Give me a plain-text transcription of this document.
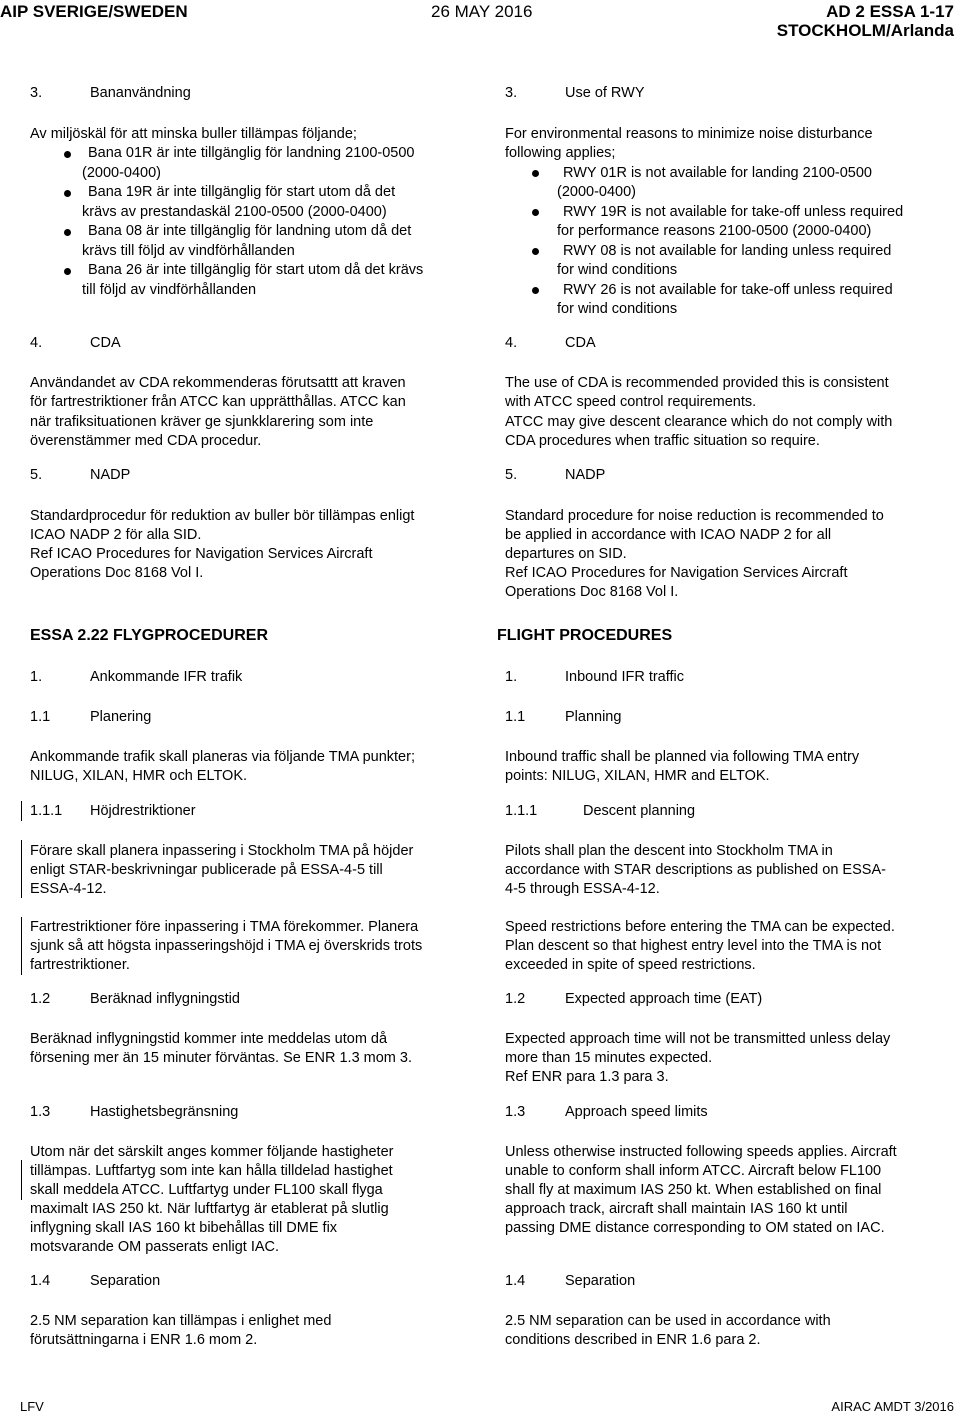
AIP SVERIGE/SWEDEN	26 MAY 2016	AD 2 ESSA 1-17
STOCKHOLM/Arlanda
3.	Bananvändning
Av miljöskäl för att minska buller tillämpas följande;
Bana 01R är inte tillgänglig för landning 2100-0500
(2000-0400)
Bana 19R är inte tillgänglig för start utom då det
krävs av prestandaskäl 2100-0500 (2000-0400)
Bana 08 är inte tillgänglig för landning utom då det
krävs till följd av vindförhållanden
Bana 26 är inte tillgänglig för start utom då det krävs
till följd av vindförhållanden
4.	CDA
Användandet av CDA rekommenderas förutsattt att kraven
för fartrestriktioner från ATCC kan upprätthållas. ATCC kan
när trafiksituationen kräver ge sjunkklarering som inte
överenstämmer med CDA procedur.
5.	NADP
Standardprocedur för reduktion av buller bör tillämpas enligt
ICAO NADP 2 för alla SID.
Ref ICAO Procedures for Navigation Services Aircraft
Operations Doc 8168 Vol I.
ESSA 2.22 FLYGPROCEDURER
1.	Ankommande IFR trafik
1.1	Planering
Ankommande trafik skall planeras via följande TMA punkter;
NILUG, XILAN, HMR och ELTOK.
1.1.1 Höjdrestriktioner
Förare skall planera inpassering i Stockholm TMA på höjder
enligt STAR-beskrivningar publicerade på ESSA-4-5 till
ESSA-4-12.
Fartrestriktioner före inpassering i TMA förekommer. Planera
sjunk så att högsta inpasseringshöjd i TMA ej överskrids trots
fartrestriktioner.
1.2	Beräknad inflygningstid
Beräknad inflygningstid kommer inte meddelas utom då
försening mer än 15 minuter förväntas. Se ENR 1.3 mom 3.
1.3	Hastighetsbegränsning
Utom när det särskilt anges kommer följande hastigheter
tillämpas. Luftfartyg som inte kan hålla tilldelad hastighet
skall meddela ATCC. Luftfartyg under FL100 skall flyga
maximalt IAS 250 kt. När luftfartyg är etablerat på slutlig
inflygning skall IAS 160 kt bibehållas till DME fix
motsvarande OM passerats enligt IAC.
1.4	Separation
2.5 NM separation kan tillämpas i enlighet med
förutsättningarna i ENR 1.6 mom 2.
3.	Use of RWY
For environmental reasons to minimize noise disturbance
following applies;
RWY 01R is not available for landing 2100-0500
(2000-0400)
RWY 19R is not available for take-off unless required
for performance reasons 2100-0500 (2000-0400)
RWY 08 is not available for landing unless required
for wind conditions
RWY 26 is not available for take-off unless required
for wind conditions
4.	CDA
The use of CDA is recommended provided this is consistent
with ATCC speed control requirements.
ATCC may give descent clearance which do not comply with
CDA procedures when traffic situation so require.
5.	NADP
Standard procedure for noise reduction is recommended to
be applied in accordance with ICAO NADP 2 for all
departures on SID.
Ref ICAO Procedures for Navigation Services Aircraft
Operations Doc 8168 Vol I.
FLIGHT PROCEDURES
1.	Inbound IFR traffic
1.1	Planning
Inbound traffic shall be planned via following TMA entry
points: NILUG, XILAN, HMR and ELTOK.
1.1.1	Descent planning
Pilots shall plan the descent into Stockholm TMA in
accordance with STAR descriptions as published on ESSA-
4-5 through ESSA-4-12.
Speed restrictions before entering the TMA can be expected.
Plan descent so that highest entry level into the TMA is not
exceeded in spite of speed restrictions.
1.2	Expected approach time (EAT)
Expected approach time will not be transmitted unless delay
more than 15 minutes expected.
Ref ENR para 1.3 para 3.
1.3	Approach speed limits
Unless otherwise instructed following speeds applies. Aircraft
unable to conform shall inform ATCC. Aircraft below FL100
shall fly at maximum IAS 250 kt. When established on final
approach track, aircraft shall maintain IAS 160 kt until
passing DME distance corresponding to OM stated on IAC.
1.4	Separation
2.5 NM separation can be used in accordance with
conditions described in ENR 1.6 para 2.
LFV	AIRAC AMDT 3/2016
